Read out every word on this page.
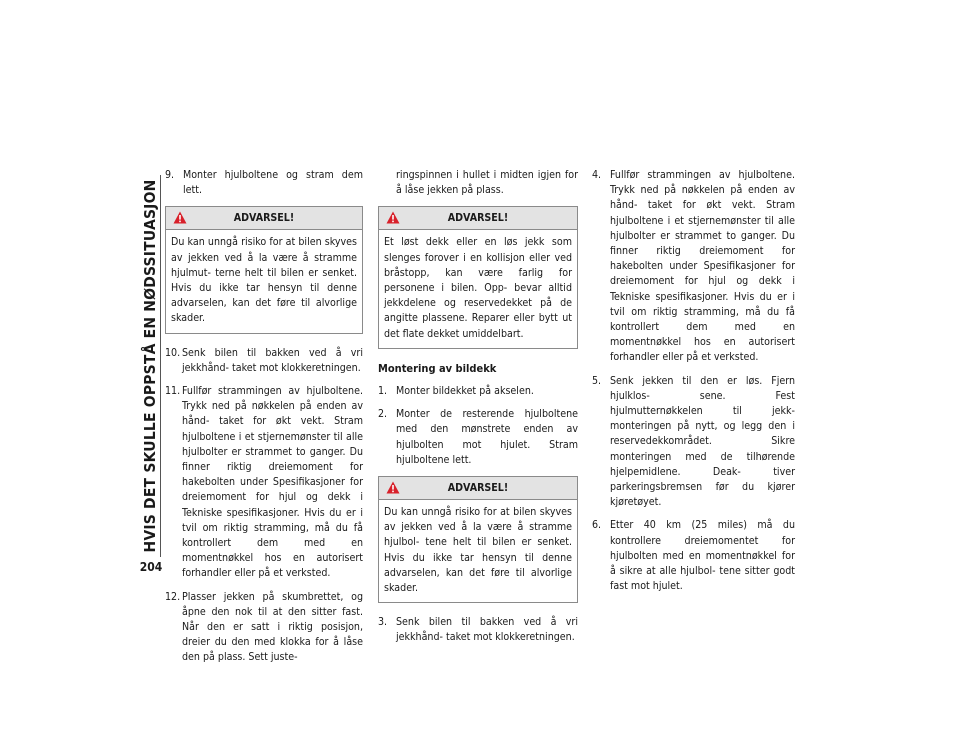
HVIS DET SKULLE OPPSTÅ EN NØDSSITUASJON
204
9. Monter hjulboltene og stram dem lett.
ADVARSEL!
Du kan unngå risiko for at bilen skyves av jekken ved å la være å stramme hjulmut- terne helt til bilen er senket. Hvis du ikke tar hensyn til denne advarselen, kan det føre til alvorlige skader.
10. Senk bilen til bakken ved å vri jekkhånd- taket mot klokkeretningen.
11. Fullfør strammingen av hjulboltene. Trykk ned på nøkkelen på enden av hånd- taket for økt vekt. Stram hjulboltene i et stjernemønster til alle hjulbolter er strammet to ganger. Du finner riktig dreiemoment for hakebolten under Spesifikasjoner for dreiemoment for hjul og dekk i Tekniske spesifikasjoner. Hvis du er i tvil om riktig stramming, må du få kontrollert dem med en momentnøkkel hos en autorisert forhandler eller på et verksted.
12. Plasser jekken på skumbrettet, og åpne den nok til at den sitter fast. Når den er satt i riktig posisjon, dreier du den med klokka for å låse den på plass. Sett juste-
ringspinnen i hullet i midten igjen for å låse jekken på plass.
ADVARSEL!
Et løst dekk eller en løs jekk som slenges forover i en kollisjon eller ved bråstopp, kan være farlig for personene i bilen. Opp- bevar alltid jekkdelene og reservedekket på de angitte plassene. Reparer eller bytt ut det flate dekket umiddelbart.
Montering av bildekk
1. Monter bildekket på akselen.
2. Monter de resterende hjulboltene med den mønstrete enden av hjulbolten mot hjulet. Stram hjulboltene lett.
ADVARSEL!
Du kan unngå risiko for at bilen skyves av jekken ved å la være å stramme hjulbol- tene helt til bilen er senket. Hvis du ikke tar hensyn til denne advarselen, kan det føre til alvorlige skader.
3. Senk bilen til bakken ved å vri jekkhånd- taket mot klokkeretningen.
4. Fullfør strammingen av hjulboltene. Trykk ned på nøkkelen på enden av hånd- taket for økt vekt. Stram hjulboltene i et stjernemønster til alle hjulbolter er strammet to ganger. Du finner riktig dreiemoment for hakebolten under Spesifikasjoner for dreiemoment for hjul og dekk i Tekniske spesifikasjoner. Hvis du er i tvil om riktig stramming, må du få kontrollert dem med en momentnøkkel hos en autorisert forhandler eller på et verksted.
5. Senk jekken til den er løs. Fjern hjulklos- sene. Fest hjulmutternøkkelen til jekk- monteringen på nytt, og legg den i reservedekkområdet. Sikre monteringen med de tilhørende hjelpemidlene. Deak- tiver parkeringsbremsen før du kjører kjøretøyet.
6. Etter 40 km (25 miles) må du kontrollere dreiemomentet for hjulbolten med en momentnøkkel for å sikre at alle hjulbol- tene sitter godt fast mot hjulet.
